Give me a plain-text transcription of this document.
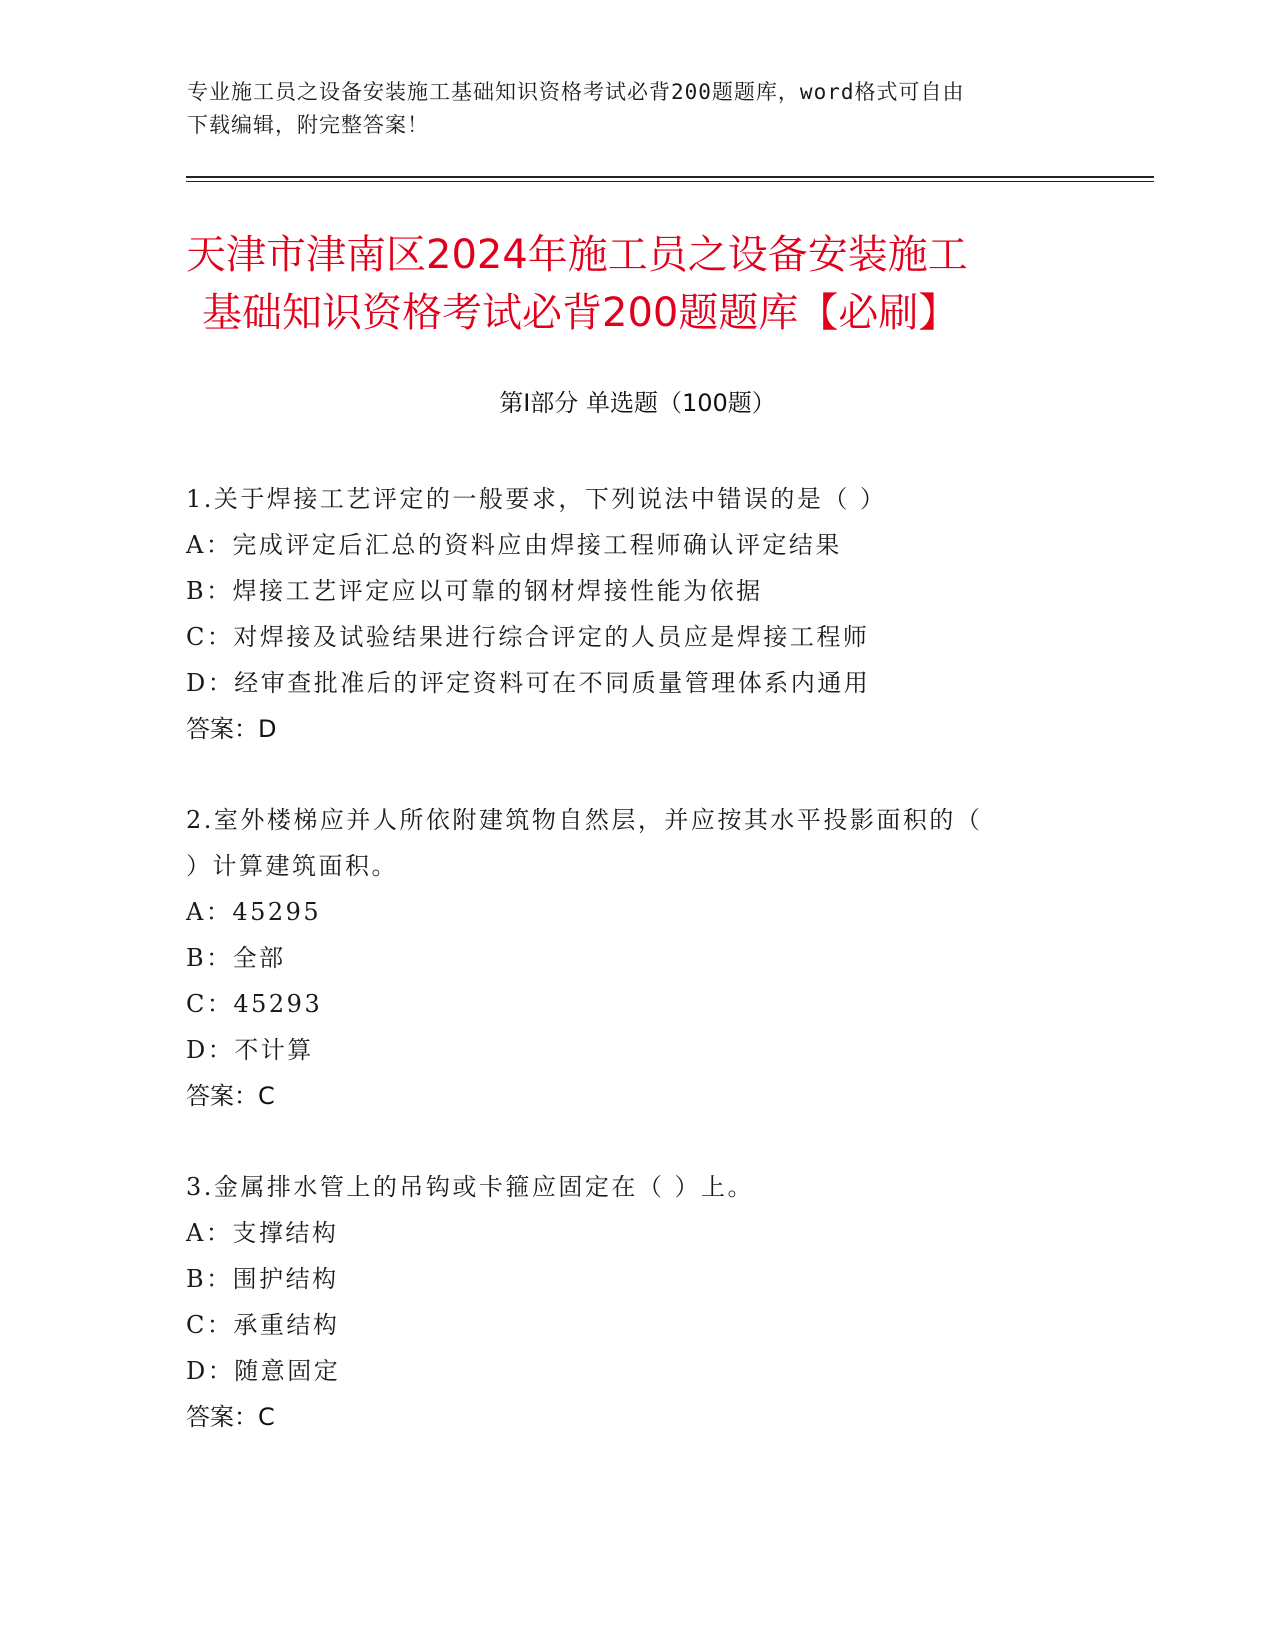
专业施工员之设备安装施工基础知识资格考试必背200题题库，word格式可自由
下载编辑，附完整答案！
天津市津南区2024年施工员之设备安装施工
基础知识资格考试必背200题题库【必刷】
第Ⅰ部分 单选题（100题）
1.关于焊接工艺评定的一般要求，下列说法中错误的是（ ）
A：完成评定后汇总的资料应由焊接工程师确认评定结果
B：焊接工艺评定应以可靠的钢材焊接性能为依据
C：对焊接及试验结果进行综合评定的人员应是焊接工程师
D：经审查批准后的评定资料可在不同质量管理体系内通用
答案：D
2.室外楼梯应并人所依附建筑物自然层，并应按其水平投影面积的（
）计算建筑面积。
A：45295
B：全部
C：45293
D：不计算
答案：C
3.金属排水管上的吊钩或卡箍应固定在（ ）上。
A：支撑结构
B：围护结构
C：承重结构
D：随意固定
答案：C
